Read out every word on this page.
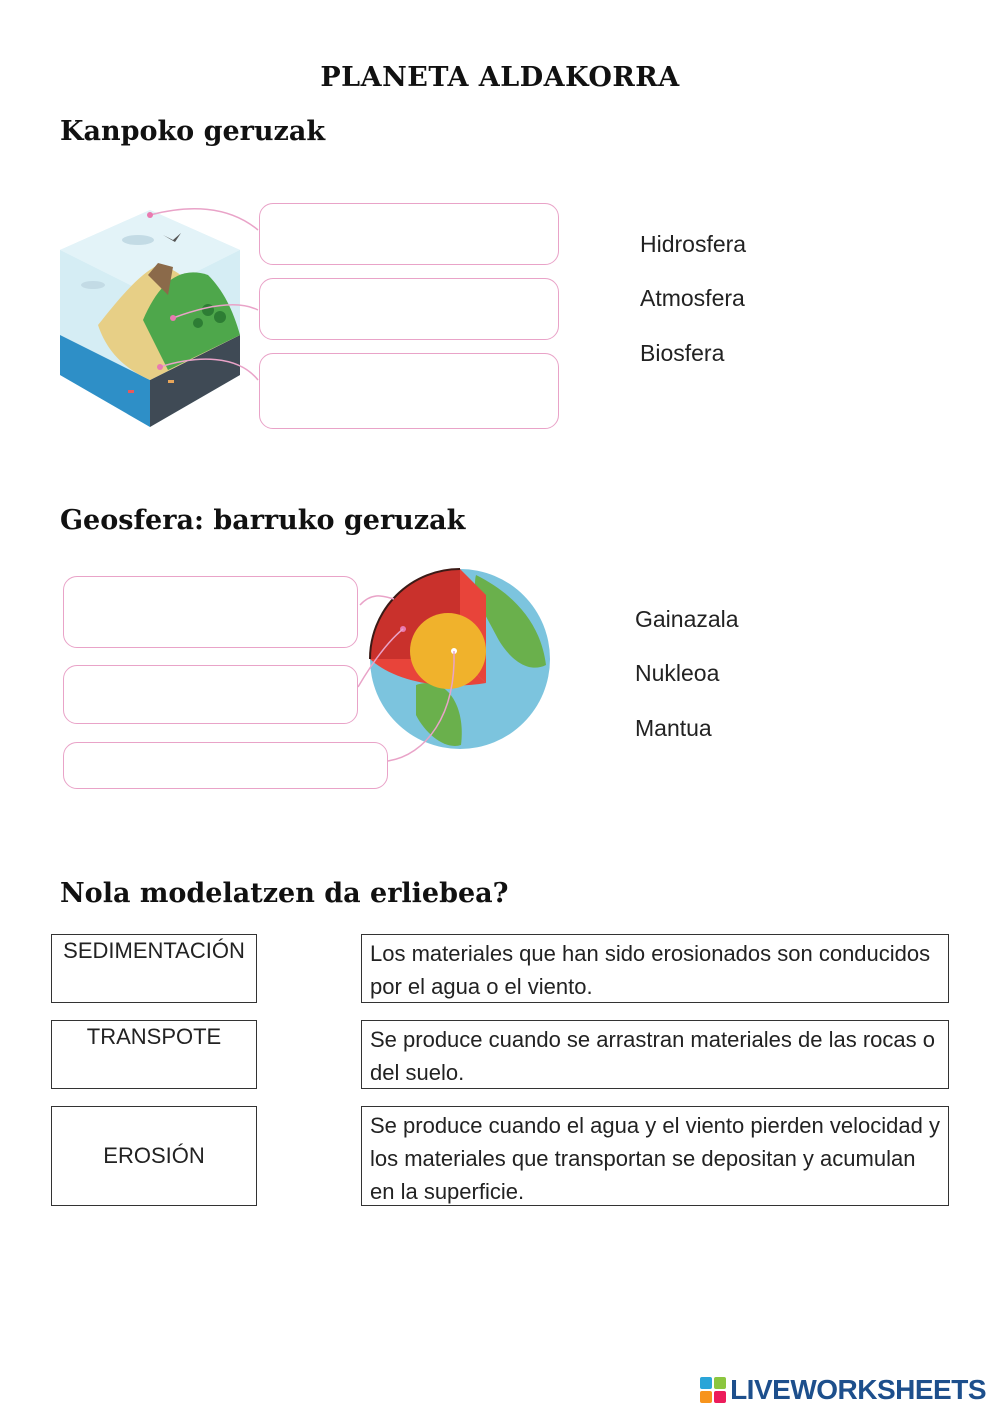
PLANETA ALDAKORRA
Kanpoko geruzak
Hidrosfera
Atmosfera
Biosfera
Geosfera: barruko geruzak
Gainazala
Nukleoa
Mantua
Nola modelatzen da erliebea?
SEDIMENTACIÓN
TRANSPOTE
EROSIÓN
Los materiales que han sido erosionados son conducidos por el agua o el viento.
Se produce cuando se arrastran materiales de las rocas o del suelo.
Se produce cuando el agua y el viento pierden velocidad y los materiales que transportan se depositan y acumulan en la superficie.
LIVEWORKSHEETS
